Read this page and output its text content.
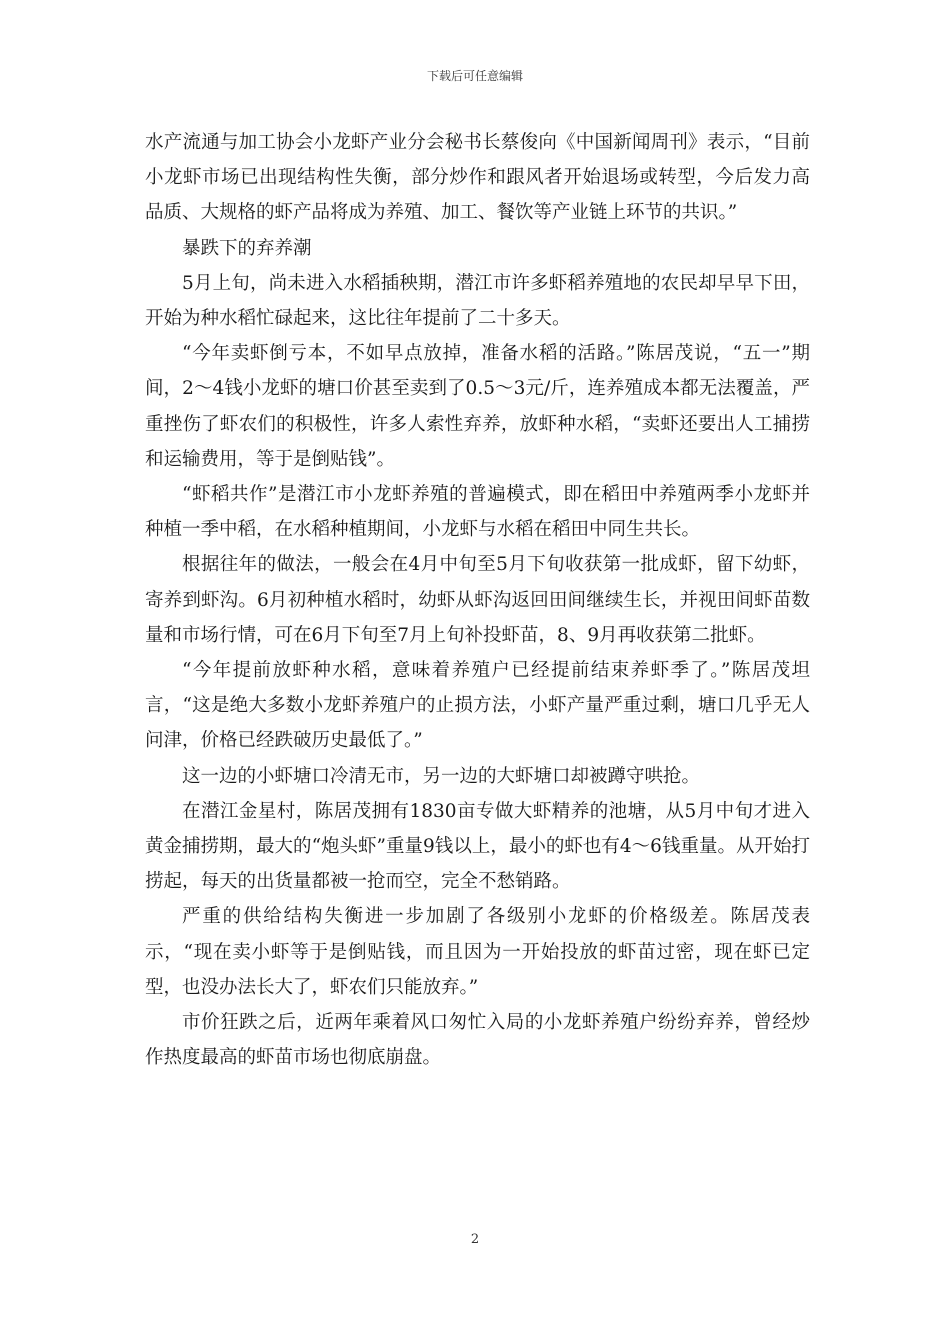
下载后可任意编辑

水产流通与加工协会小龙虾产业分会秘书长蔡俊向《中国新闻周刊》表示，“目前小龙虾市场已出现结构性失衡，部分炒作和跟风者开始退场或转型，今后发力高品质、大规格的虾产品将成为养殖、加工、餐饮等产业链上环节的共识。”

暴跌下的弃养潮

5月上旬，尚未进入水稻插秧期，潜江市许多虾稻养殖地的农民却早早下田，开始为种水稻忙碌起来，这比往年提前了二十多天。

“今年卖虾倒亏本，不如早点放掉，准备水稻的活路。”陈居茂说，“五一”期间，2～4钱小龙虾的塘口价甚至卖到了0.5～3元/斤，连养殖成本都无法覆盖，严重挫伤了虾农们的积极性，许多人索性弃养，放虾种水稻，“卖虾还要出人工捕捞和运输费用，等于是倒贴钱”。

“虾稻共作”是潜江市小龙虾养殖的普遍模式，即在稻田中养殖两季小龙虾并种植一季中稻，在水稻种植期间，小龙虾与水稻在稻田中同生共长。

根据往年的做法，一般会在4月中旬至5月下旬收获第一批成虾，留下幼虾，寄养到虾沟。6月初种植水稻时，幼虾从虾沟返回田间继续生长，并视田间虾苗数量和市场行情，可在6月下旬至7月上旬补投虾苗，8、9月再收获第二批虾。

“今年提前放虾种水稻，意味着养殖户已经提前结束养虾季了。”陈居茂坦言，“这是绝大多数小龙虾养殖户的止损方法，小虾产量严重过剩，塘口几乎无人问津，价格已经跌破历史最低了。”

这一边的小虾塘口冷清无市，另一边的大虾塘口却被蹲守哄抢。

在潜江金星村，陈居茂拥有1830亩专做大虾精养的池塘，从5月中旬才进入黄金捕捞期，最大的“炮头虾”重量9钱以上，最小的虾也有4～6钱重量。从开始打捞起，每天的出货量都被一抢而空，完全不愁销路。

严重的供给结构失衡进一步加剧了各级别小龙虾的价格级差。陈居茂表示，“现在卖小虾等于是倒贴钱，而且因为一开始投放的虾苗过密，现在虾已定型，也没办法长大了，虾农们只能放弃。”

市价狂跌之后，近两年乘着风口匆忙入局的小龙虾养殖户纷纷弃养，曾经炒作热度最高的虾苗市场也彻底崩盘。

2
